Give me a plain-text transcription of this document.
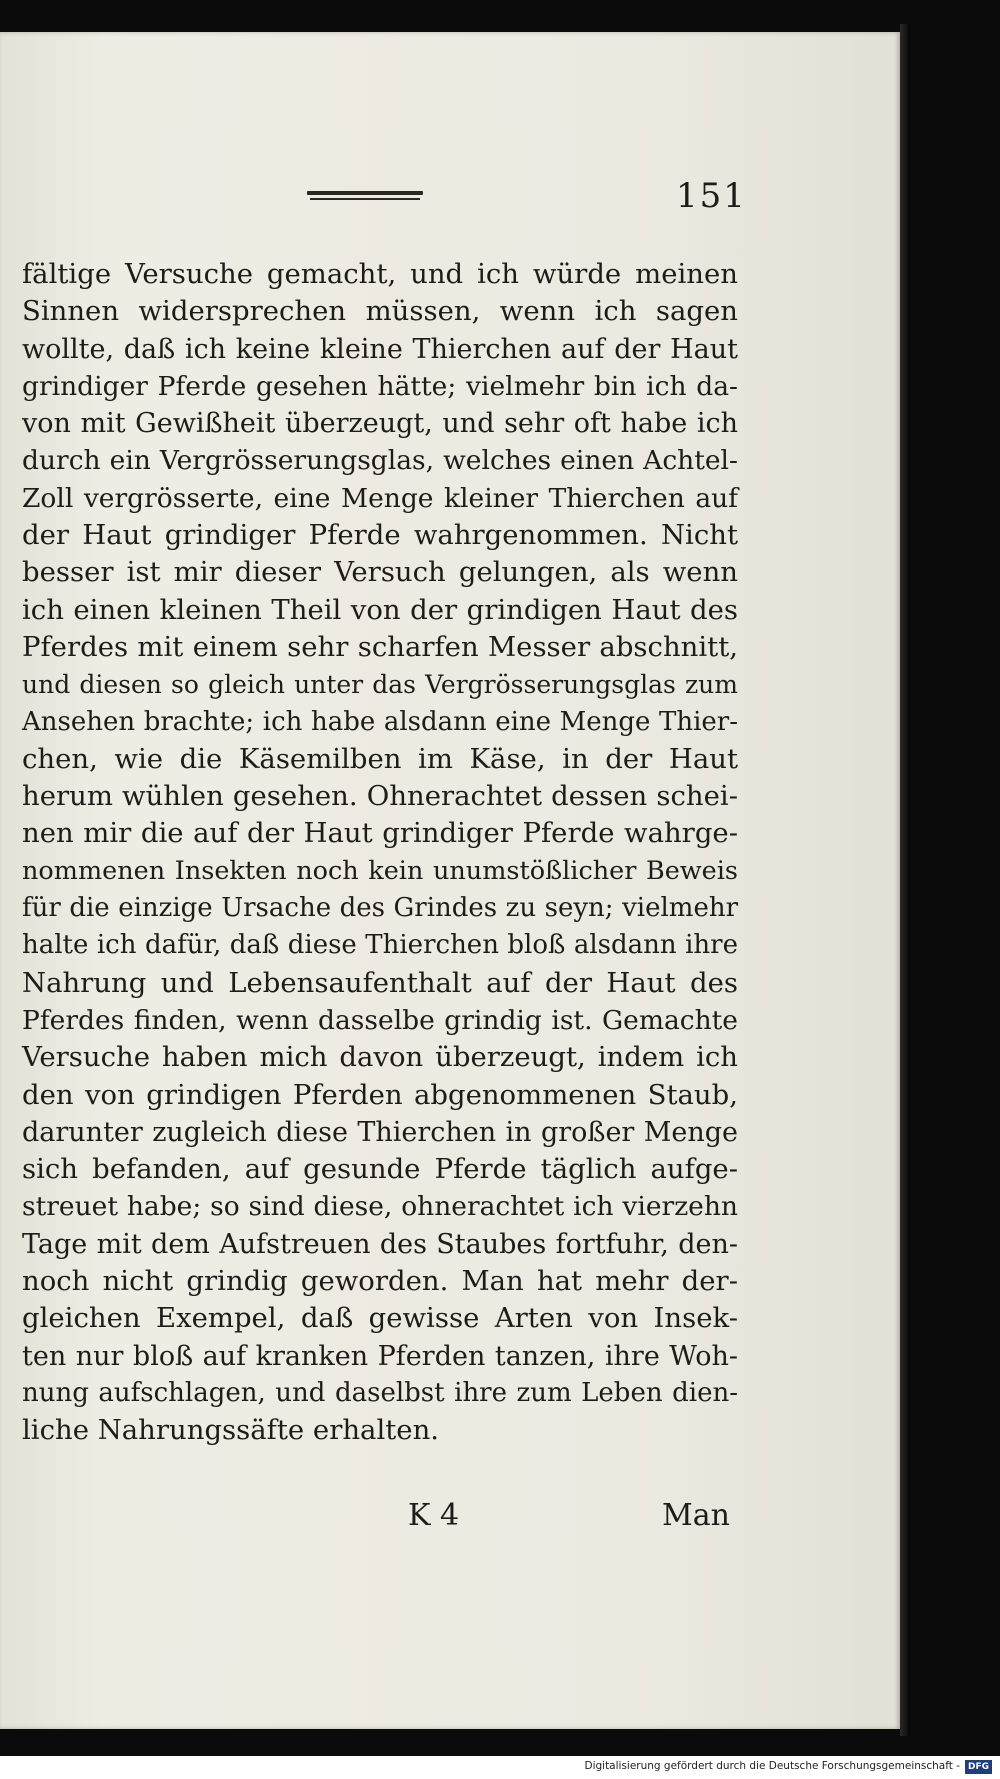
151
fältige Versuche gemacht, und ich würde meinen
Sinnen widersprechen müssen, wenn ich sagen
wollte, daß ich keine kleine Thierchen auf der Haut
grindiger Pferde gesehen hätte; vielmehr bin ich da-
von mit Gewißheit überzeugt, und sehr oft habe ich
durch ein Vergrösserungsglas, welches einen Achtel-
Zoll vergrösserte, eine Menge kleiner Thierchen auf
der Haut grindiger Pferde wahrgenommen. Nicht
besser ist mir dieser Versuch gelungen, als wenn
ich einen kleinen Theil von der grindigen Haut des
Pferdes mit einem sehr scharfen Messer abschnitt,
und diesen so gleich unter das Vergrösserungsglas zum
Ansehen brachte; ich habe alsdann eine Menge Thier-
chen, wie die Käsemilben im Käse, in der Haut
herum wühlen gesehen. Ohnerachtet dessen schei-
nen mir die auf der Haut grindiger Pferde wahrge-
nommenen Insekten noch kein unumstößlicher Beweis
für die einzige Ursache des Grindes zu seyn; vielmehr
halte ich dafür, daß diese Thierchen bloß alsdann ihre
Nahrung und Lebensaufenthalt auf der Haut des
Pferdes finden, wenn dasselbe grindig ist. Gemachte
Versuche haben mich davon überzeugt, indem ich
den von grindigen Pferden abgenommenen Staub,
darunter zugleich diese Thierchen in großer Menge
sich befanden, auf gesunde Pferde täglich aufge-
streuet habe; so sind diese, ohnerachtet ich vierzehn
Tage mit dem Aufstreuen des Staubes fortfuhr, den-
noch nicht grindig geworden. Man hat mehr der-
gleichen Exempel, daß gewisse Arten von Insek-
ten nur bloß auf kranken Pferden tanzen, ihre Woh-
nung aufschlagen, und daselbst ihre zum Leben dien-
liche Nahrungssäfte erhalten.
K 4	Man
Digitalisierung gefördert durch die Deutsche Forschungsgemeinschaft - DFG
